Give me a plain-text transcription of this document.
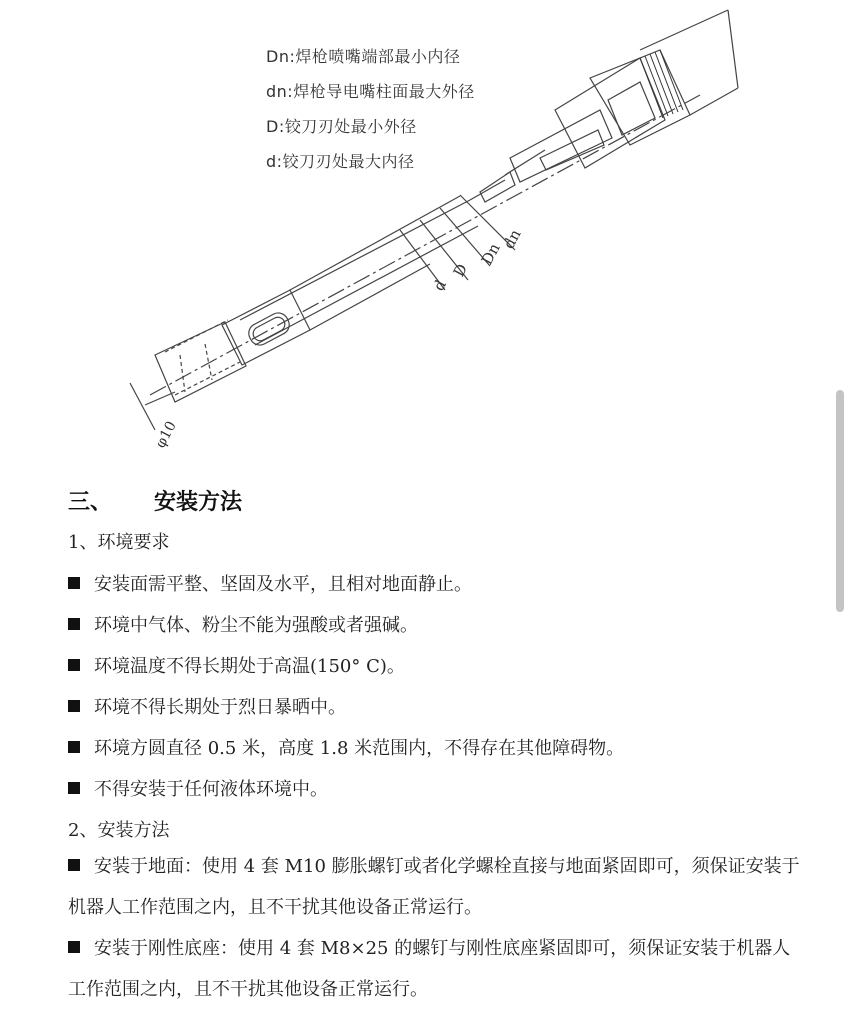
φ10
d
D
Dn
dn
Dn:焊枪喷嘴端部最小内径
dn:焊枪导电嘴柱面最大外径
D:铰刀刃处最小外径
d:铰刀刃处最大内径
三、 安装方法
1、环境要求
安装面需平整、坚固及水平，且相对地面静止。
环境中气体、粉尘不能为强酸或者强碱。
环境温度不得长期处于高温(150° C)。
环境不得长期处于烈日暴晒中。
环境方圆直径 0.5 米，高度 1.8 米范围内，不得存在其他障碍物。
不得安装于任何液体环境中。
2、安装方法
安装于地面：使用 4 套 M10 膨胀螺钉或者化学螺栓直接与地面紧固即可，须保证安装于机器人工作范围之内，且不干扰其他设备正常运行。
安装于刚性底座：使用 4 套 M8×25 的螺钉与刚性底座紧固即可，须保证安装于机器人工作范围之内，且不干扰其他设备正常运行。
